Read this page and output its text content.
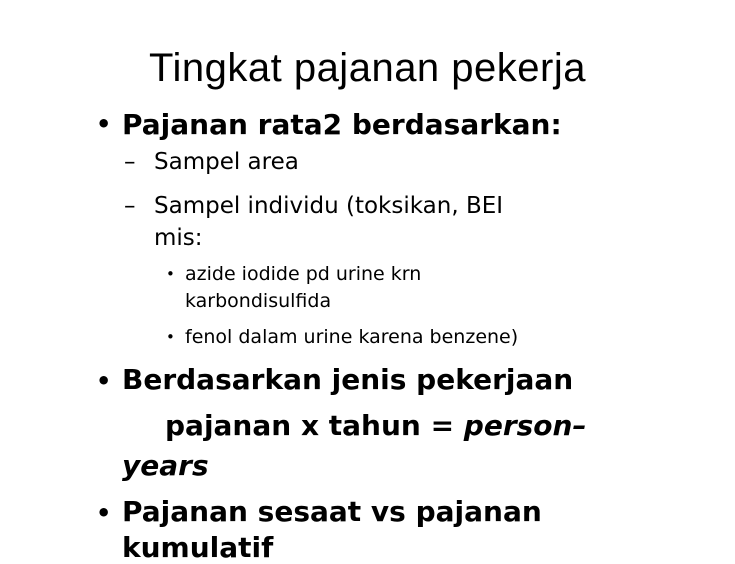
Tingkat pajanan pekerja
• Pajanan rata2 berdasarkan:
– Sampel area
– Sampel individu (toksikan, BEI
mis:
• azide iodide pd urine krn
karbondisulfida
• fenol dalam urine karena benzene)
• Berdasarkan jenis pekerjaan
pajanan x tahun = person–
years
• Pajanan sesaat vs pajanan
kumulatif
